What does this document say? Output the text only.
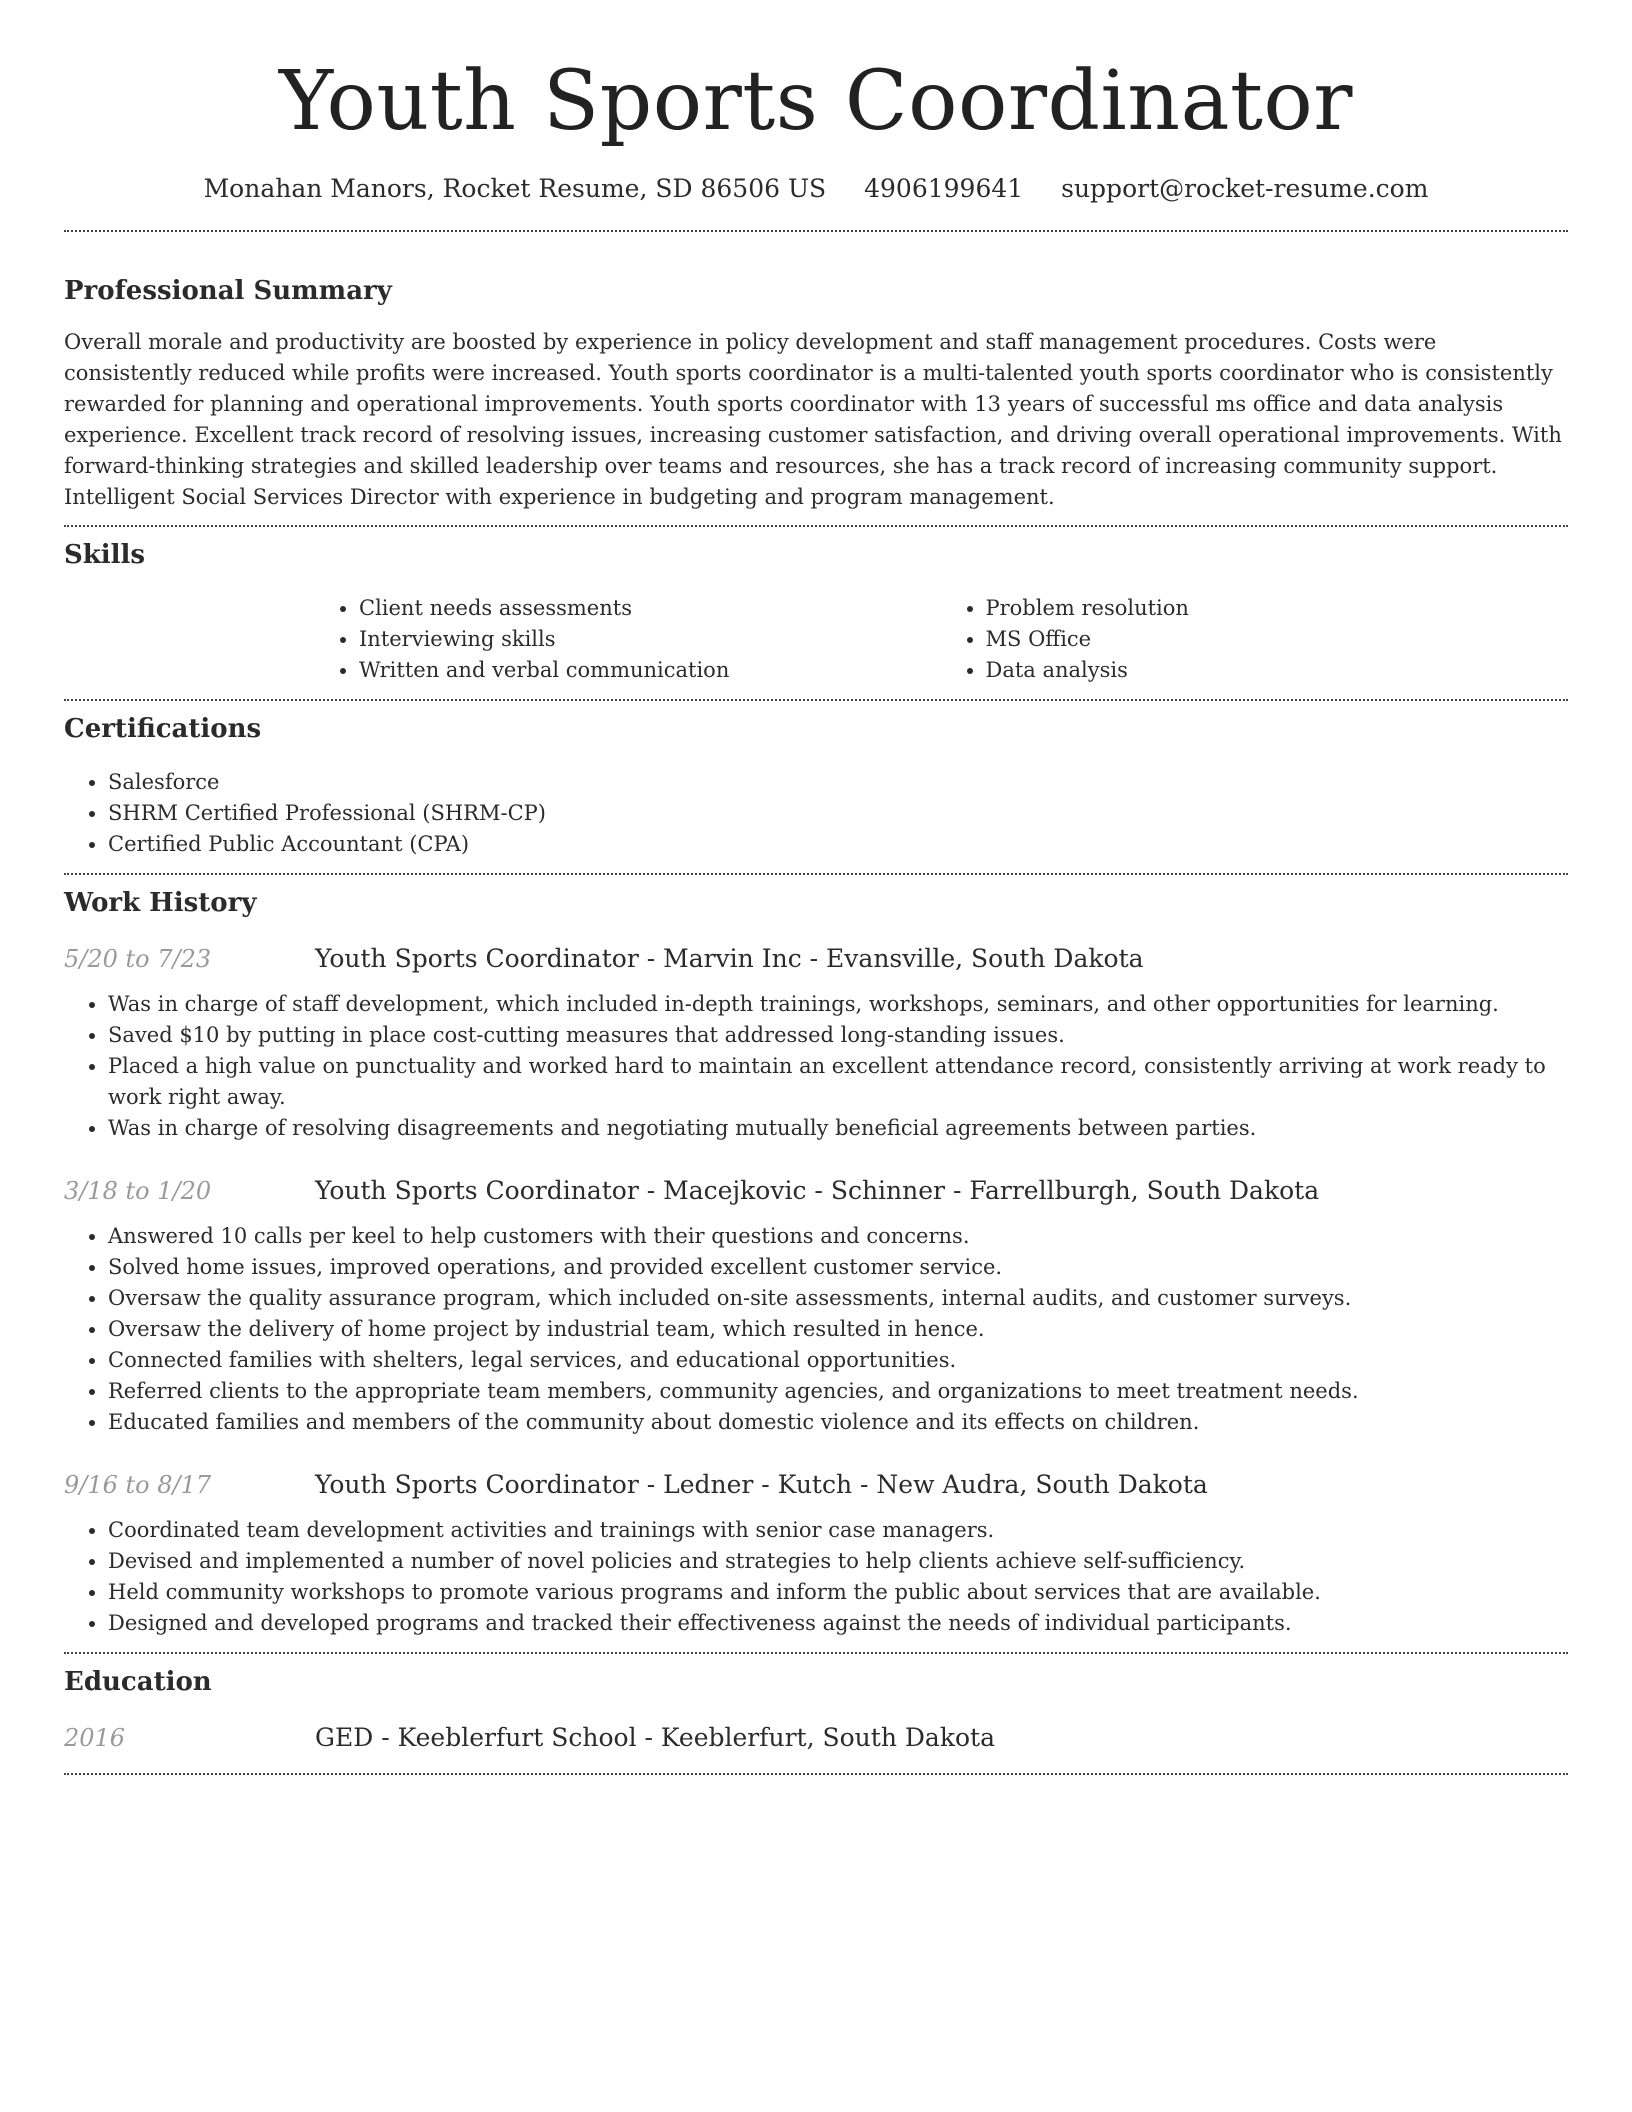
Youth Sports Coordinator
Monahan Manors, Rocket Resume, SD 86506 US 4906199641 support@rocket-resume.com
Professional Summary

Overall morale and productivity are boosted by experience in policy development and staff management procedures. Costs were consistently reduced while profits were increased. Youth sports coordinator is a multi-talented youth sports coordinator who is consistently rewarded for planning and operational improvements. Youth sports coordinator with 13 years of successful ms office and data analysis experience. Excellent track record of resolving issues, increasing customer satisfaction, and driving overall operational improvements. With forward-thinking strategies and skilled leadership over teams and resources, she has a track record of increasing community support. Intelligent Social Services Director with experience in budgeting and program management.

Skills
• Client needs assessments
• Interviewing skills
• Written and verbal communication
• Problem resolution
• MS Office
• Data analysis
Certifications
• Salesforce
• SHRM Certified Professional (SHRM-CP)
• Certified Public Accountant (CPA)
Work History
5/20 to 7/23	Youth Sports Coordinator - Marvin Inc - Evansville, South Dakota
• Was in charge of staff development, which included in-depth trainings, workshops, seminars, and other opportunities for learning.
• Saved $10 by putting in place cost-cutting measures that addressed long-standing issues.
• Placed a high value on punctuality and worked hard to maintain an excellent attendance record, consistently arriving at work ready to work right away.
• Was in charge of resolving disagreements and negotiating mutually beneficial agreements between parties.
3/18 to 1/20	Youth Sports Coordinator - Macejkovic - Schinner - Farrellburgh, South Dakota
• Answered 10 calls per keel to help customers with their questions and concerns.
• Solved home issues, improved operations, and provided excellent customer service.
• Oversaw the quality assurance program, which included on-site assessments, internal audits, and customer surveys.
• Oversaw the delivery of home project by industrial team, which resulted in hence.
• Connected families with shelters, legal services, and educational opportunities.
• Referred clients to the appropriate team members, community agencies, and organizations to meet treatment needs.
• Educated families and members of the community about domestic violence and its effects on children.
9/16 to 8/17	Youth Sports Coordinator - Ledner - Kutch - New Audra, South Dakota
• Coordinated team development activities and trainings with senior case managers.
• Devised and implemented a number of novel policies and strategies to help clients achieve self-sufficiency.
• Held community workshops to promote various programs and inform the public about services that are available.
• Designed and developed programs and tracked their effectiveness against the needs of individual participants.
Education
2016	GED - Keeblerfurt School - Keeblerfurt, South Dakota
